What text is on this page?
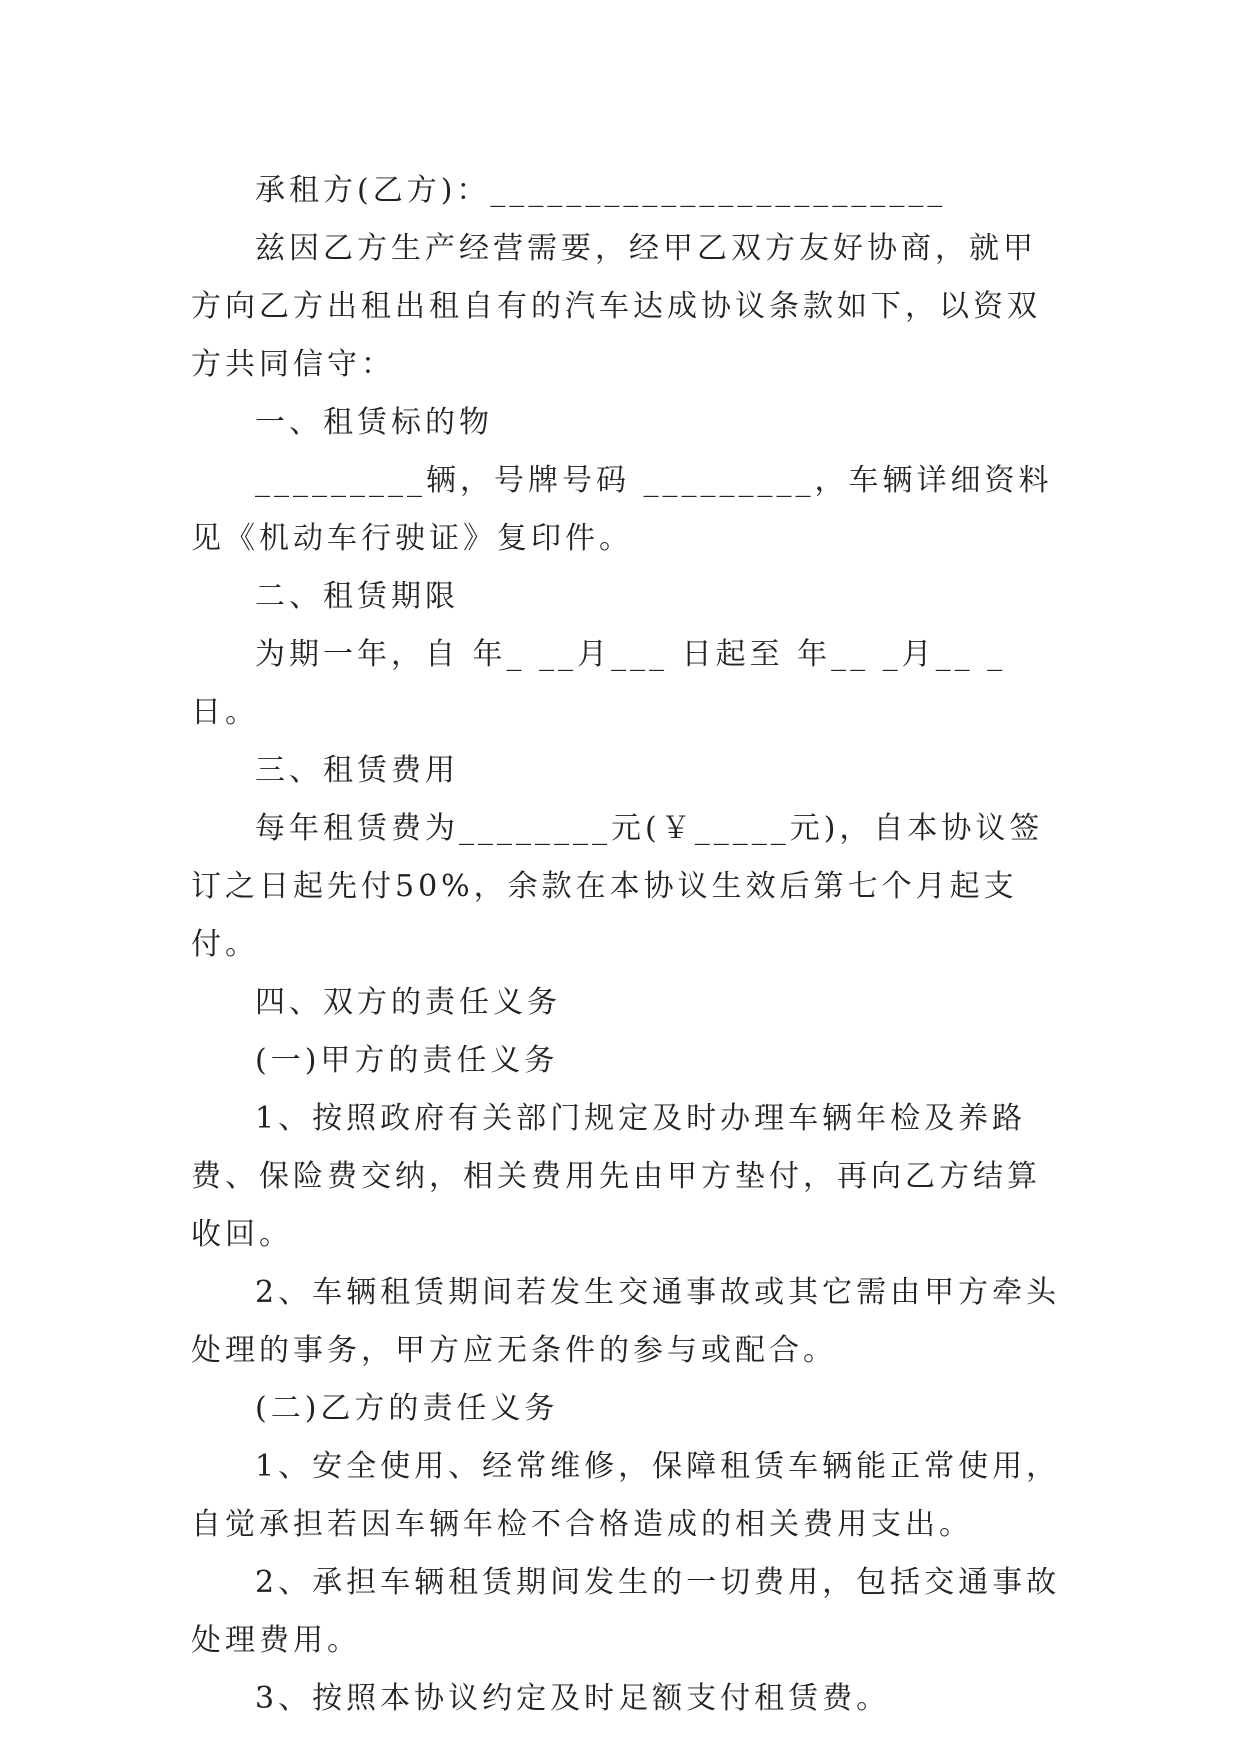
承租方(乙方)：________________________

兹因乙方生产经营需要，经甲乙双方友好协商，就甲方向乙方出租出租自有的汽车达成协议条款如下，以资双方共同信守：

一、租赁标的物

_________辆，号牌号码 _________，车辆详细资料见《机动车行驶证》复印件。

二、租赁期限

为期一年，自 年_ __月___ 日起至 年__ _月__ _日。

三、租赁费用

每年租赁费为________元(￥_____元)，自本协议签订之日起先付50%，余款在本协议生效后第七个月起支付。

四、双方的责任义务

(一)甲方的责任义务

1、按照政府有关部门规定及时办理车辆年检及养路费、保险费交纳，相关费用先由甲方垫付，再向乙方结算收回。

2、车辆租赁期间若发生交通事故或其它需由甲方牵头处理的事务，甲方应无条件的参与或配合。

(二)乙方的责任义务

1、安全使用、经常维修，保障租赁车辆能正常使用，自觉承担若因车辆年检不合格造成的相关费用支出。

2、承担车辆租赁期间发生的一切费用，包括交通事故处理费用。

3、按照本协议约定及时足额支付租赁费。
